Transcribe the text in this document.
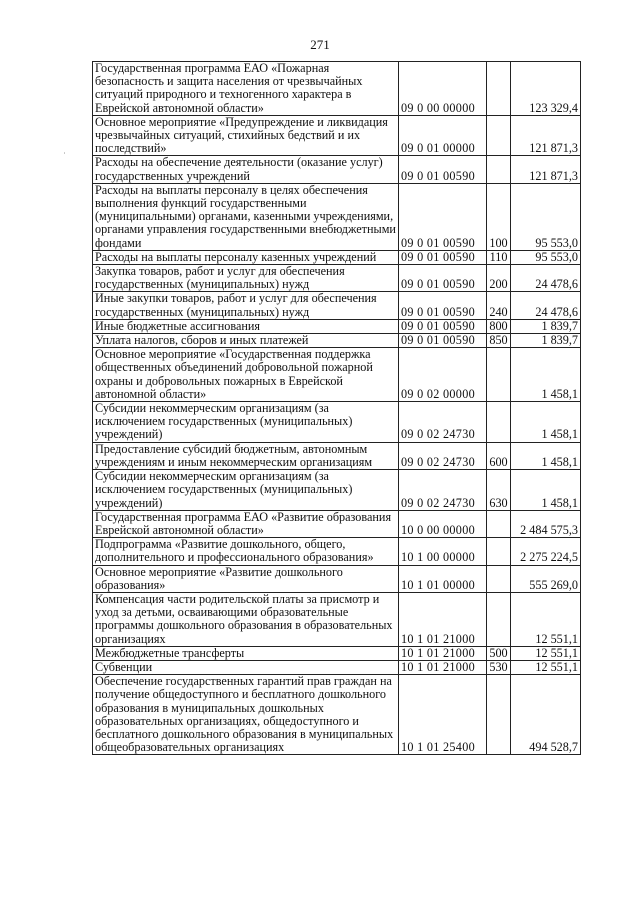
271
˙
Государственная программа ЕАО «Пожарная безопасность и защита населения от чрезвычайных ситуаций природного и техногенного характера в Еврейской автономной области»	09 0 00 00000		123 329,4
Основное мероприятие «Предупреждение и ликвидация чрезвычайных ситуаций, стихийных бедствий и их последствий»	09 0 01 00000		121 871,3
Расходы на обеспечение деятельности (оказание услуг) государственных учреждений	09 0 01 00590		121 871,3
Расходы на выплаты персоналу в целях обеспечения выполнения функций государственными (муниципальными) органами, казенными учреждениями, органами управления государственными внебюджетными фондами	09 0 01 00590	100	95 553,0
Расходы на выплаты персоналу казенных учреждений	09 0 01 00590	110	95 553,0
Закупка товаров, работ и услуг для обеспечения государственных (муниципальных) нужд	09 0 01 00590	200	24 478,6
Иные закупки товаров, работ и услуг для обеспечения государственных (муниципальных) нужд	09 0 01 00590	240	24 478,6
Иные бюджетные ассигнования	09 0 01 00590	800	1 839,7
Уплата налогов, сборов и иных платежей	09 0 01 00590	850	1 839,7
Основное мероприятие «Государственная поддержка общественных объединений добровольной пожарной охраны и добровольных пожарных в Еврейской автономной области»	09 0 02 00000		1 458,1
Субсидии некоммерческим организациям (за исключением государственных (муниципальных) учреждений)	09 0 02 24730		1 458,1
Предоставление субсидий бюджетным, автономным учреждениям и иным некоммерческим организациям	09 0 02 24730	600	1 458,1
Субсидии некоммерческим организациям (за исключением государственных (муниципальных) учреждений)	09 0 02 24730	630	1 458,1
Государственная программа ЕАО «Развитие образования Еврейской автономной области»	10 0 00 00000		2 484 575,3
Подпрограмма «Развитие дошкольного, общего, дополнительного и профессионального образования»	10 1 00 00000		2 275 224,5
Основное мероприятие «Развитие дошкольного образования»	10 1 01 00000		555 269,0
Компенсация части родительской платы за присмотр и уход за детьми, осваивающими образовательные программы дошкольного образования в образовательных организациях	10 1 01 21000		12 551,1
Межбюджетные трансферты	10 1 01 21000	500	12 551,1
Субвенции	10 1 01 21000	530	12 551,1
Обеспечение государственных гарантий прав граждан на получение общедоступного и бесплатного дошкольного образования в муниципальных дошкольных образовательных организациях, общедоступного и бесплатного дошкольного образования в муниципальных общеобразовательных организациях	10 1 01 25400		494 528,7
